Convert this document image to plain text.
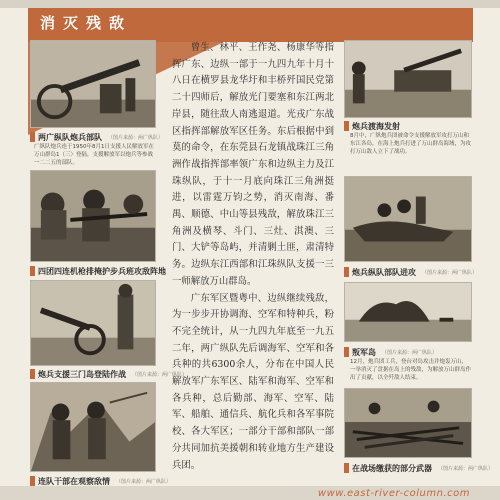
消灭残敌
两广纵队炮兵部队 （图片来源：两广纵队）
广纵队炮兵连于1950年8月1日支援人民解放军在万山群岛1（三）登陆，支援解放军以炮兵等参战一二二五的部队。
四团四连机枪排掩护步兵班攻敌阵地
炮兵支援三门岛登陆作战 （图片来源：两广纵队）
连队干部在观察敌情 （图片来源：两广纵队）

曾生、林平、王作尧、杨康华等指挥广东、边纵一部于一九四九年十月十八日在横罗县龙华圩和丰桥歼国民党第二十四师后，解放光门要塞和东江两北岸县，随往敌人南逃退道。光戎广东战区指挥部解放军区任务。东后根据中到莫的命令，在东莞县石龙镇战珠江三角洲作战指挥部率领广东和边纵主力及江珠纵队，于十一月底向珠江三角洲挺进，以雷霆万钧之势，消灭南海、番禺、顺德、中山等县残敌，解放珠江三角洲及横琴、斗门、三灶、淇澳、三门、大铲等岛屿，并清剿土匪，肃清特务。边纵东江西部和江珠纵队支援一三一师解放万山群岛。

广东军区暨粤中、边纵继续残敌，为一步步开协调海、空军和特种兵，粉不完全统计，从一九四九年底至一九五二年，两广纵队先后调海军、空军和各兵种的共6300余人，分布在中国人民解放军广东军区、陆军和海军、空军和各兵种，总后勤部、海军、空军、陆军、船舶、通信兵、航化兵和各军事院校、各大军区；一部分干部和部队一部分共同加抗美援朝和转业地方生产建设兵团。

炮兵渡海发射
8月中，广纵炮兵团被命令支援解放军攻打万山和东江各岛，在海上炮兵打进了万山群岛海域，为攻打万山敌人立下了战功。
炮兵纵队部队进攻 （图片来源：两广纵队）
叛军岛 （图片来源：两广纵队）
12月，炮兵团工兵，登台对岛攻击并炮轰万山，一举消灭了盘据在岛上的残敌，为解放万山群岛作出了贡献，以全歼敌人结束。
在战场缴获的部分武器 （图片来源：两广纵队）
www.east-river-column.com
